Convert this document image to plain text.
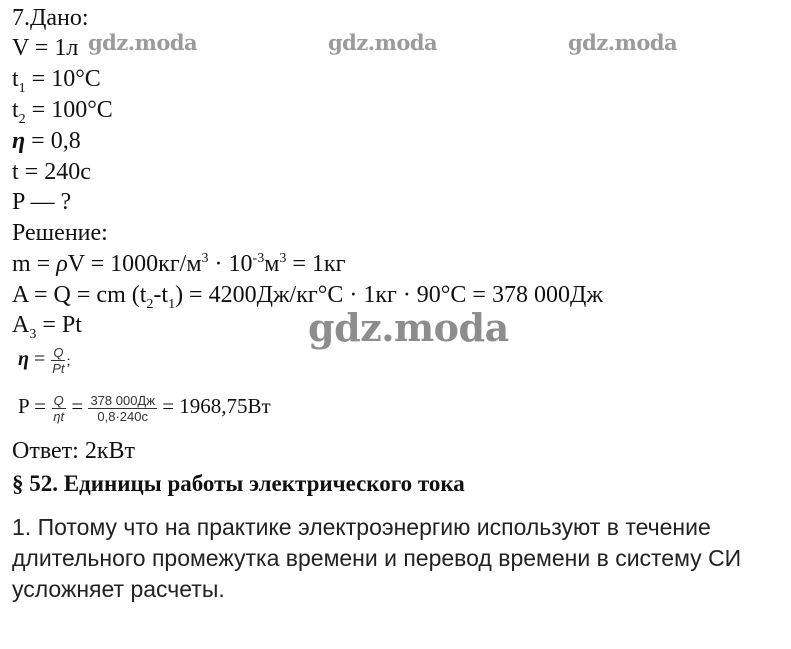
gdz.moda	gdz.moda	gdz.moda
gdz.moda
7.Дано:
V = 1л
$t_1 = 10^\circ C$
$t_2 = 100^\circ C$
η = 0,8
t = 240с
P — ?
Решение:
$m = \rho V = 1000кг/м^3 \cdot 10^{-3}м^3 = 1кг$
A = Q = cm $(t_2-t_1) = 4200Дж/кг^\circ С \cdot 1кг \cdot 90^\circ С = 378$ 000Дж
$A_3 = Pt$
$\eta = \frac{Q}{Pt}$ ;
$P = \frac{Q}{\eta t} = \frac{378 000Дж}{0,8\cdot 240с} = 1968,75Вт$
Ответ: 2кВт
§ 52. Единицы работы электрического тока
1. Потому что на практике электроэнергию используют в течение длительного промежутка времени и перевод времени в систему СИ усложняет расчеты.
